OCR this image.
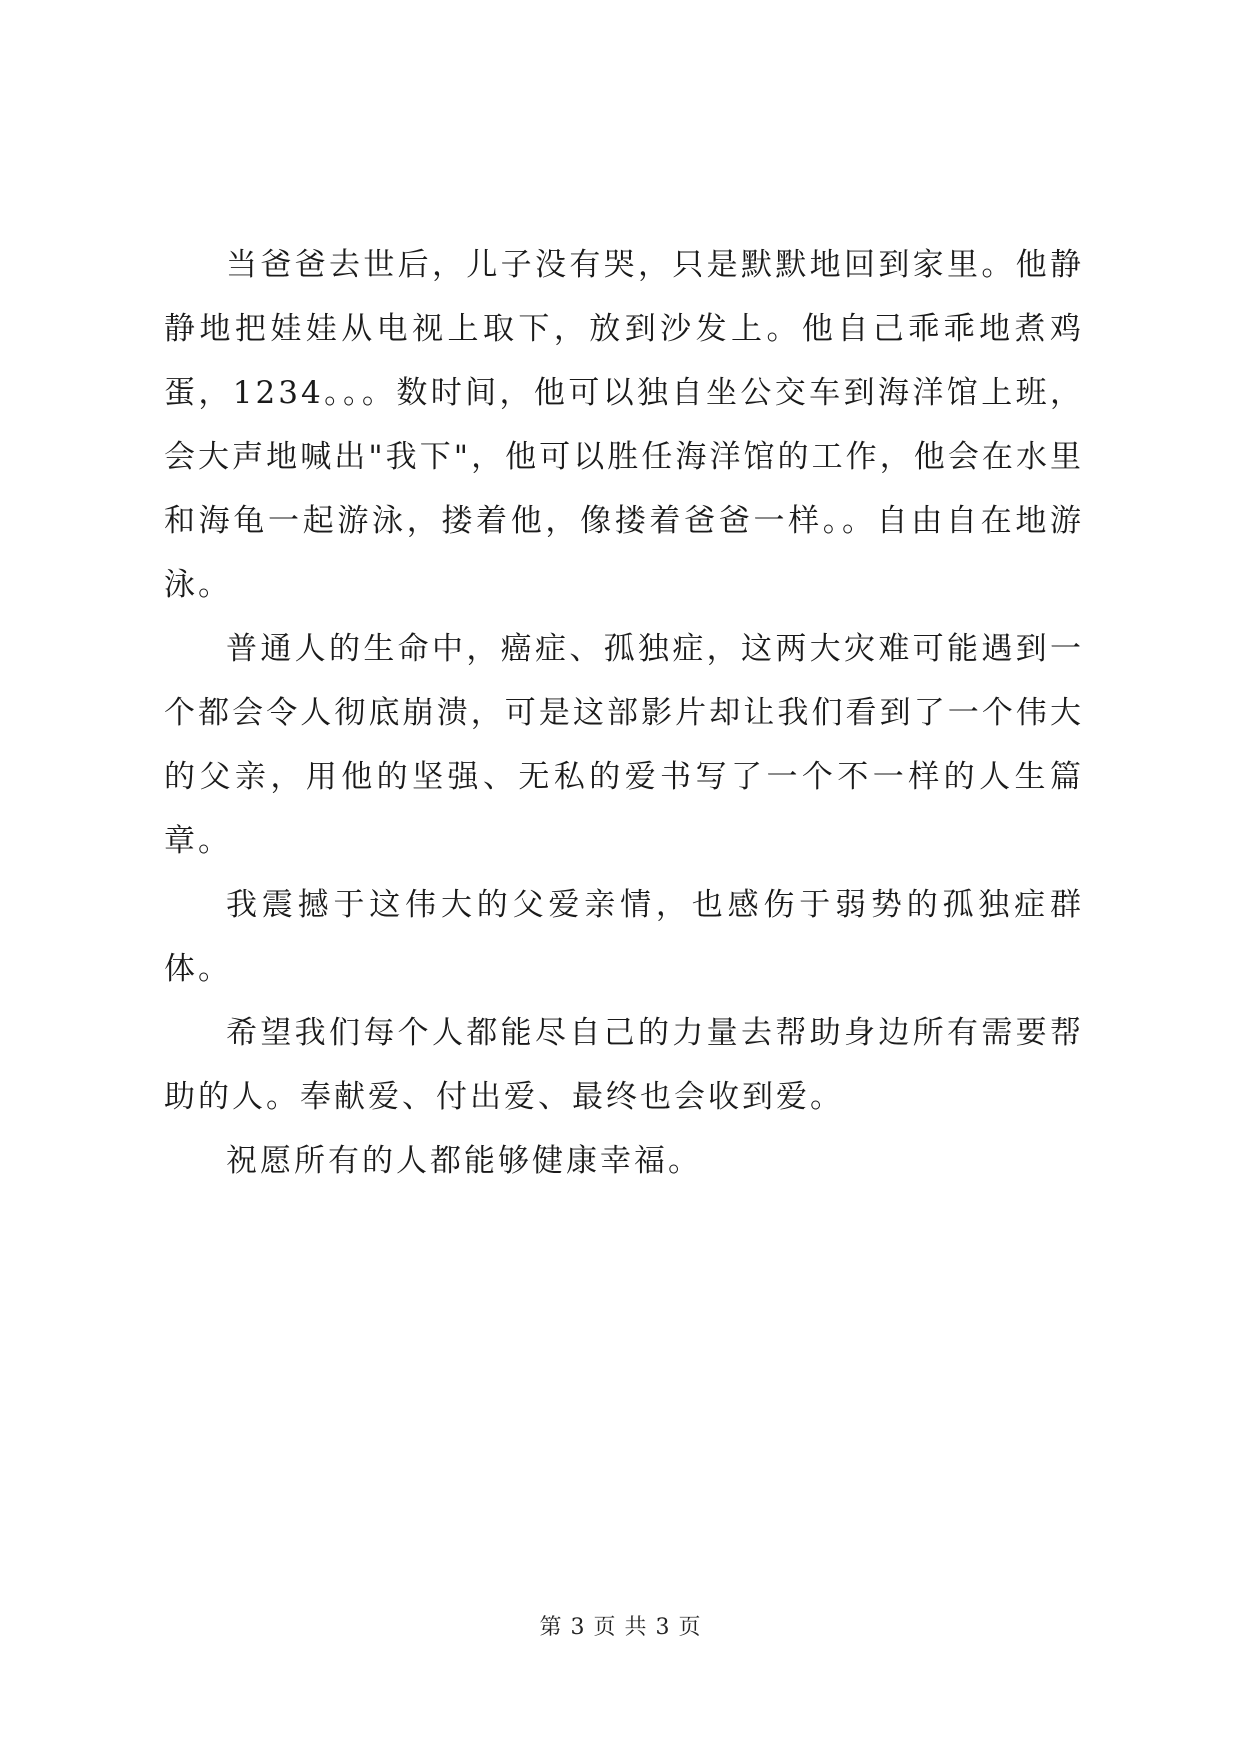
当爸爸去世后，儿子没有哭，只是默默地回到家里。他静静地把娃娃从电视上取下，放到沙发上。他自己乖乖地煮鸡蛋，1234。。。数时间，他可以独自坐公交车到海洋馆上班，会大声地喊出"我下"，他可以胜任海洋馆的工作，他会在水里和海龟一起游泳，搂着他，像搂着爸爸一样。。自由自在地游泳。

普通人的生命中，癌症、孤独症，这两大灾难可能遇到一个都会令人彻底崩溃，可是这部影片却让我们看到了一个伟大的父亲，用他的坚强、无私的爱书写了一个不一样的人生篇章。

我震撼于这伟大的父爱亲情，也感伤于弱势的孤独症群体。

希望我们每个人都能尽自己的力量去帮助身边所有需要帮助的人。奉献爱、付出爱、最终也会收到爱。

祝愿所有的人都能够健康幸福。

第 3 页 共 3 页
